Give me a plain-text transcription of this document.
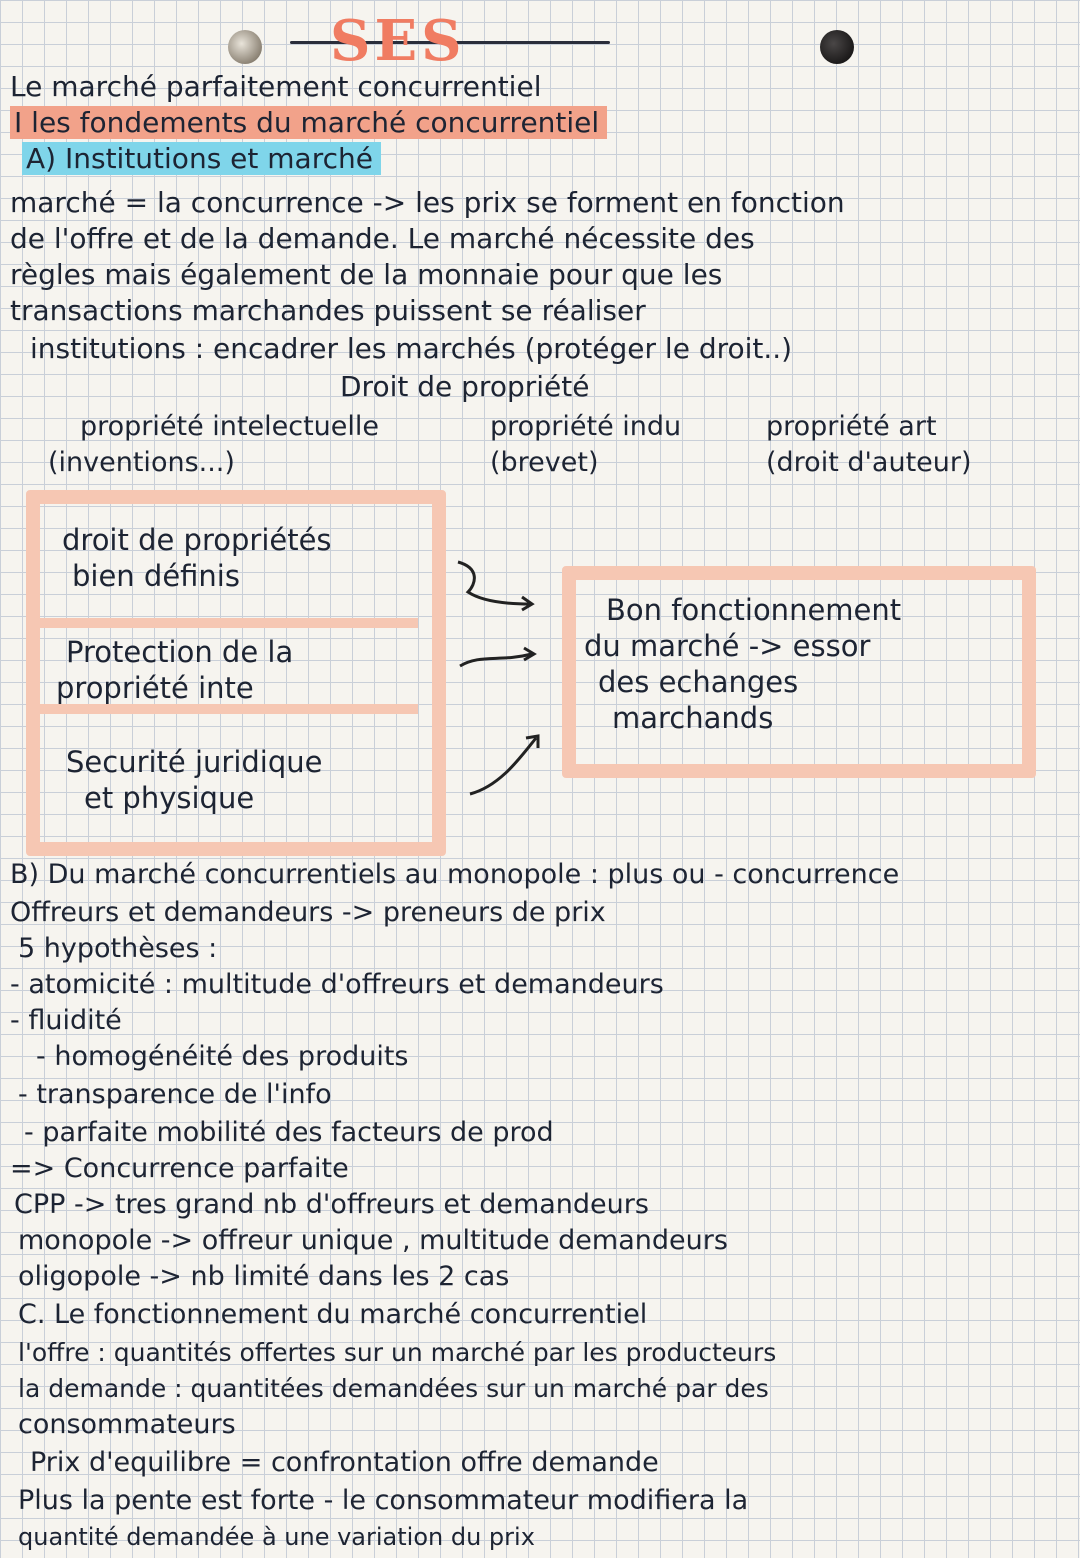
SES
Le marché parfaitement concurrentiel
I les fondements du marché concurrentiel
A) Institutions et marché
marché = la concurrence -> les prix se forment en fonction
de l'offre et de la demande. Le marché nécessite des
règles mais également de la monnaie pour que les
transactions marchandes puissent se réaliser
institutions : encadrer les marchés (protéger le droit..)
Droit de propriété
propriété intelectuelle
(inventions...)
propriété indu
(brevet)
propriété art
(droit d'auteur)
droit de propriétés
bien définis
Protection de la
propriété inte
Securité juridique
et physique
Bon fonctionnement
du marché -> essor
des echanges
marchands
B) Du marché concurrentiels au monopole : plus ou - concurrence
Offreurs et demandeurs -> preneurs de prix
5 hypothèses :
- atomicité : multitude d'offreurs et demandeurs
- fluidité
- homogénéité des produits
- transparence de l'info
- parfaite mobilité des facteurs de prod
=> Concurrence parfaite
CPP -> tres grand nb d'offreurs et demandeurs
monopole -> offreur unique , multitude demandeurs
oligopole -> nb limité dans les 2 cas
C. Le fonctionnement du marché concurrentiel
l'offre : quantités offertes sur un marché par les producteurs
la demande : quantitées demandées sur un marché par des
consommateurs
Prix d'equilibre = confrontation offre demande
Plus la pente est forte - le consommateur modifiera la
quantité demandée à une variation du prix
